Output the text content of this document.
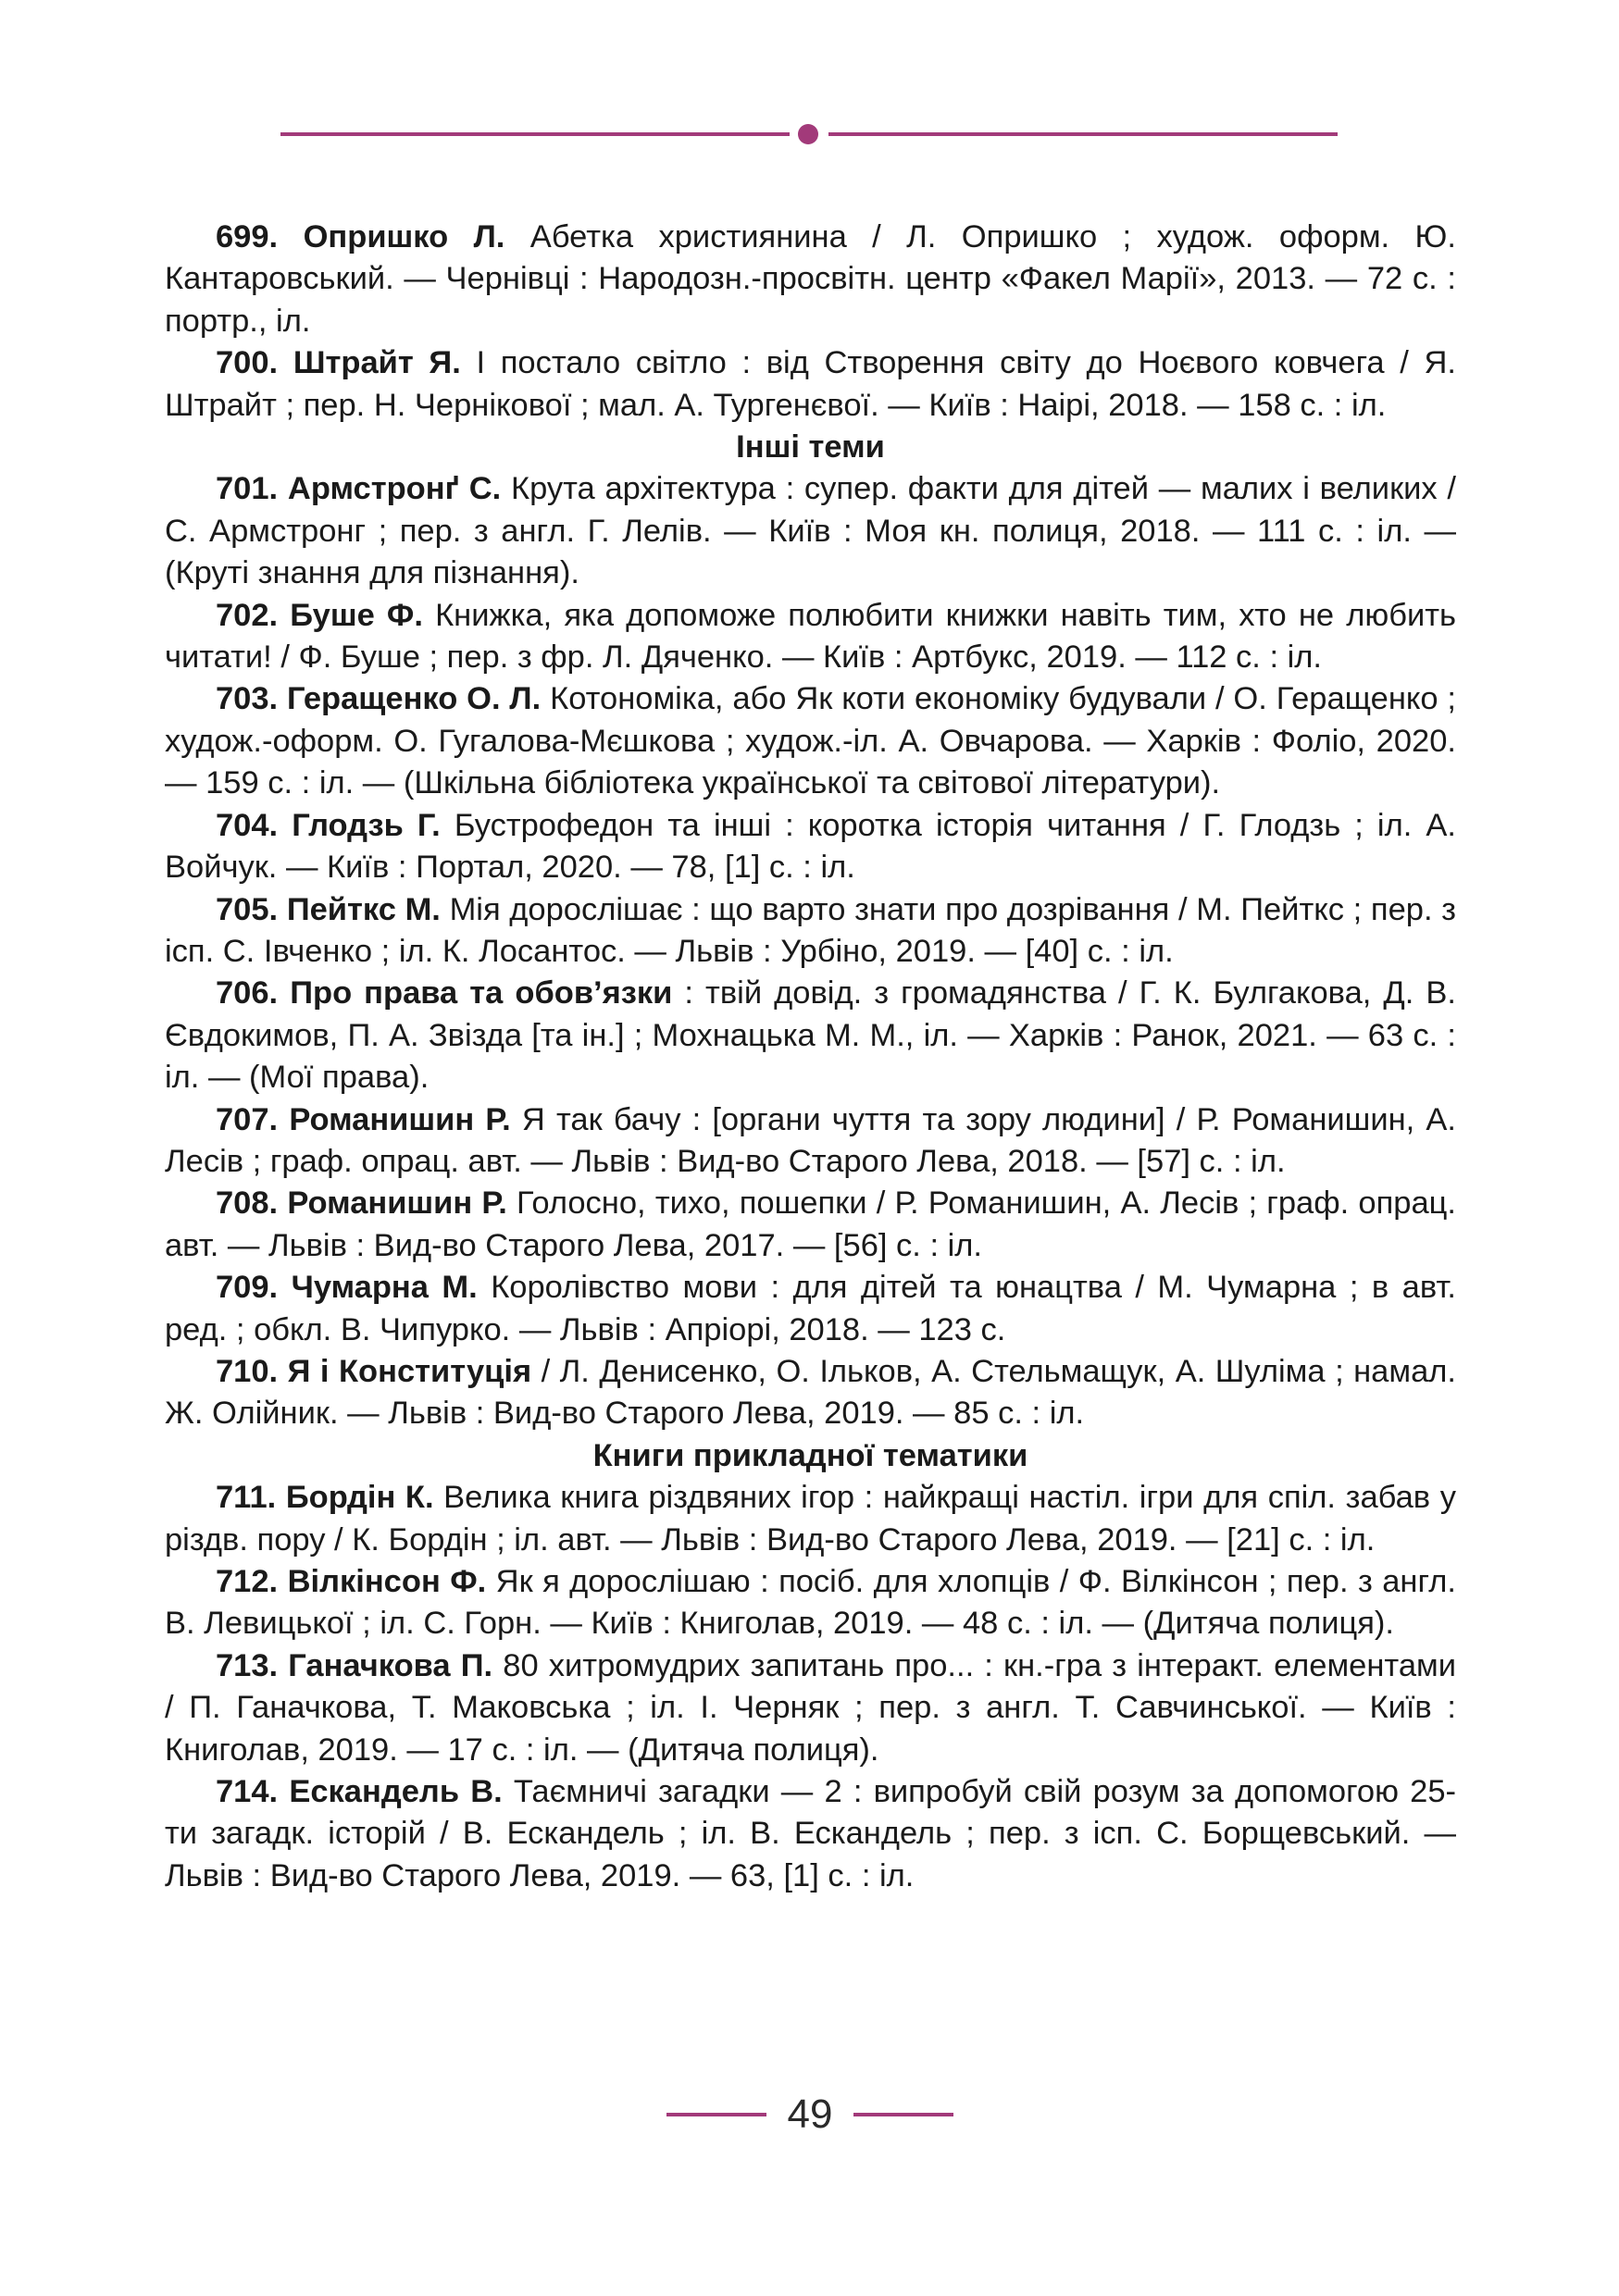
699. Опришко Л. Абетка християнина / Л. Опришко ; худож. оформ. Ю. Кантаровський. — Чернівці : Народозн.-просвітн. центр «Факел Марії», 2013. — 72 с. : портр., іл.

700. Штрайт Я. І постало світло : від Створення світу до Ноєвого ковчега / Я. Штрайт ; пер. Н. Чернікової ; мал. А. Тургенєвої. — Київ : Наірі, 2018. — 158 с. : іл.

Інші теми

701. Армстронґ С. Крута архітектура : супер. факти для дітей — малих і великих / С. Армстронг ; пер. з англ. Г. Лелів. — Київ : Моя кн. полиця, 2018. — 111 с. : іл. — (Круті знання для пізнання).

702. Буше Ф. Книжка, яка допоможе полюбити книжки навіть тим, хто не любить читати! / Ф. Буше ; пер. з фр. Л. Дяченко. — Київ : Артбукс, 2019. — 112 с. : іл.

703. Геращенко О. Л. Котономіка, або Як коти економіку будували / О. Геращенко ; худож.-оформ. О. Гугалова-Мєшкова ; худож.-іл. А. Овчарова. — Харків : Фоліо, 2020. — 159 с. : іл. — (Шкільна бібліотека української та світової літератури).

704. Глодзь Г. Бустрофедон та інші : коротка історія читання / Г. Глодзь ; іл. А. Войчук. — Київ : Портал, 2020. — 78, [1] с. : іл.

705. Пейткс М. Мія дорослішає : що варто знати про дозрівання / М. Пейткс ; пер. з ісп. С. Івченко ; іл. К. Лосантос. — Львів : Урбіно, 2019. — [40] с. : іл.

706. Про права та обов’язки : твій довід. з громадянства / Г. К. Булгакова, Д. В. Євдокимов, П. А. Звізда [та ін.] ; Мохнацька М. М., іл. — Харків : Ранок, 2021. — 63 с. : іл. — (Мої права).

707. Романишин Р. Я так бачу : [органи чуття та зору людини] / Р. Романишин, А. Лесів ; граф. опрац. авт. — Львів : Вид-во Старого Лева, 2018. — [57] с. : іл.

708. Романишин Р. Голосно, тихо, пошепки / Р. Романишин, А. Лесів ; граф. опрац. авт. — Львів : Вид-во Старого Лева, 2017. — [56] с. : іл.

709. Чумарна М. Королівство мови : для дітей та юнацтва / М. Чумарна ; в авт. ред. ; обкл. В. Чипурко. — Львів : Апріорі, 2018. — 123 с.

710. Я і Конституція / Л. Денисенко, О. Ільков, А. Стельмащук, А. Шуліма ; намал. Ж. Олійник. — Львів : Вид-во Старого Лева, 2019. — 85 с. : іл.

Книги прикладної тематики

711. Бордін К. Велика книга різдвяних ігор : найкращі настіл. ігри для спіл. забав у різдв. пору / К. Бордін ; іл. авт. — Львів : Вид-во Старого Лева, 2019. — [21] с. : іл.

712. Вілкінсон Ф. Як я дорослішаю : посіб. для хлопців / Ф. Вілкінсон ; пер. з англ. В. Левицької ; іл. С. Горн. — Київ : Книголав, 2019. — 48 с. : іл. — (Дитяча полиця).

713. Ганачкова П. 80 хитромудрих запитань про... : кн.-гра з інтеракт. елементами / П. Ганачкова, Т. Маковська ; іл. І. Черняк ; пер. з англ. Т. Савчинської. — Київ : Книголав, 2019. — 17 с. : іл. — (Дитяча полиця).

714. Ескандель В. Таємничі загадки — 2 : випробуй свій розум за допомогою 25-ти загадк. історій / В. Ескандель ; іл. В. Ескандель ; пер. з ісп. С. Борщевський. — Львів : Вид-во Старого Лева, 2019. — 63, [1] с. : іл.

49
